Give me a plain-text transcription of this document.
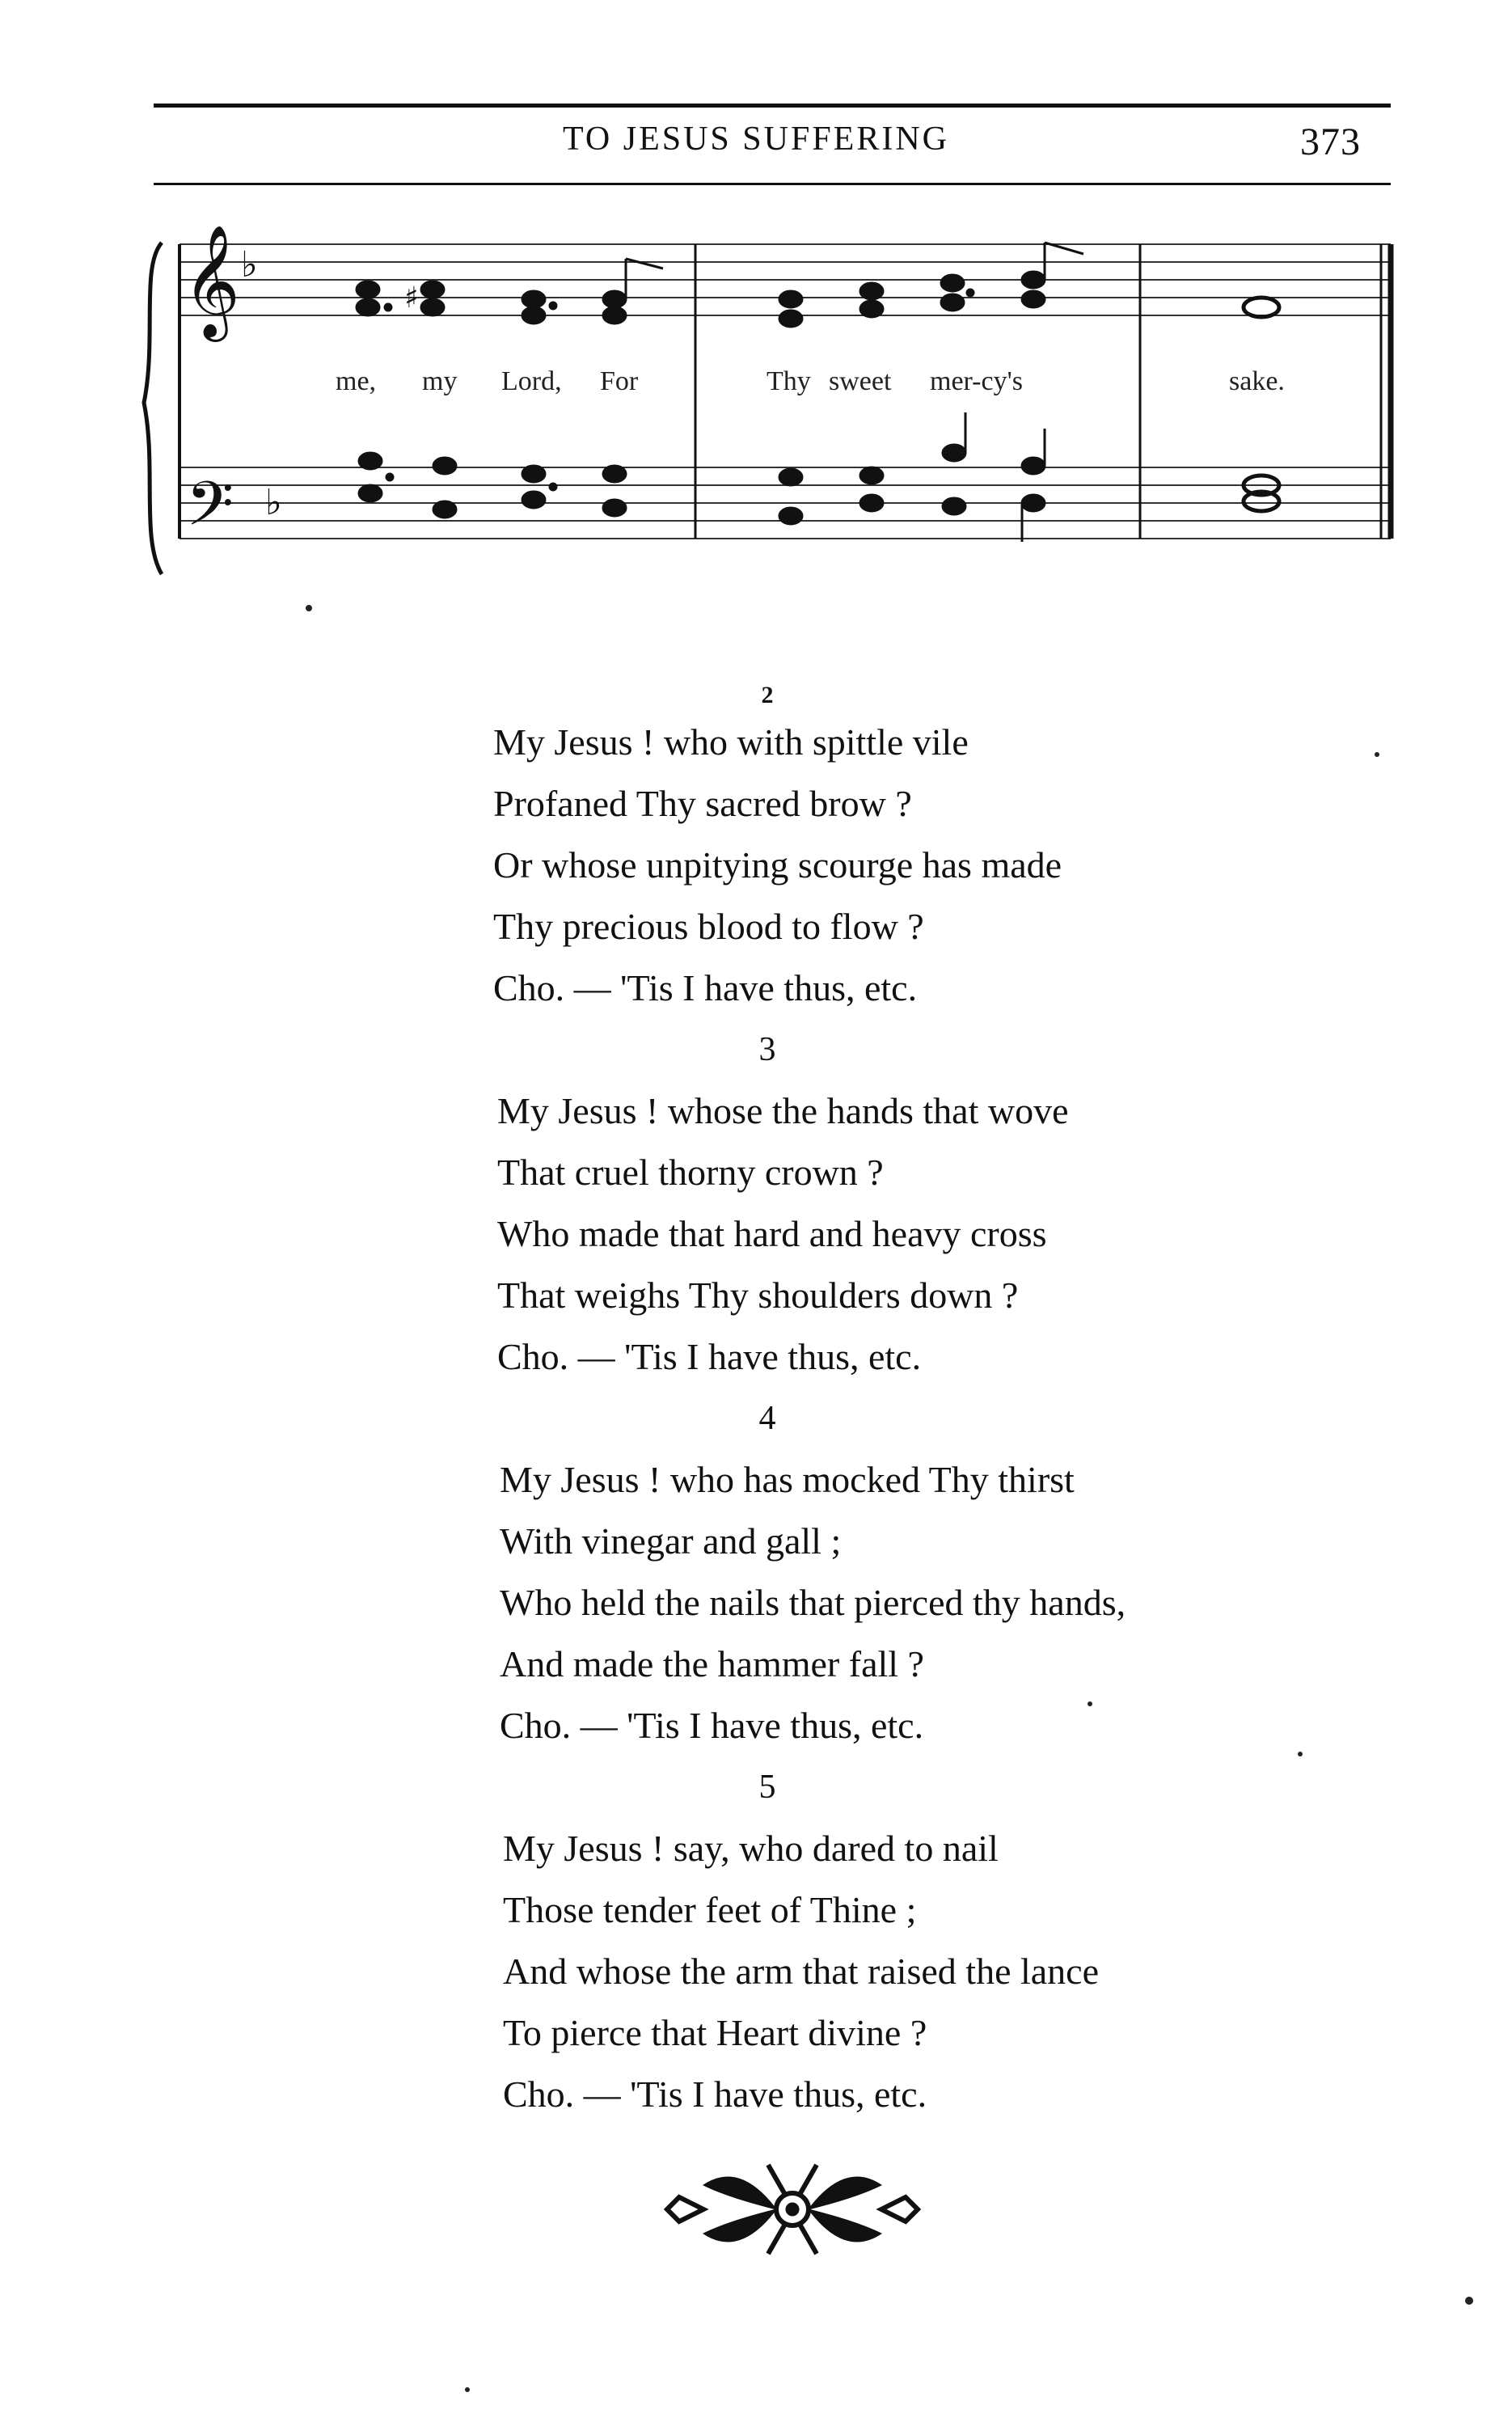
TO JESUS SUFFERING	373
𝄞
𝄢
♭
♭
♯
me, my Lord, For	Thy sweet mer-cy's	sake.
2
My Jesus ! who with spittle vile
Profaned Thy sacred brow ?
Or whose unpitying scourge has made
Thy precious blood to flow ?
Cho. — 'Tis I have thus, etc.
3
My Jesus ! whose the hands that wove
That cruel thorny crown ?
Who made that hard and heavy cross
That weighs Thy shoulders down ?
Cho. — 'Tis I have thus, etc.
4
My Jesus ! who has mocked Thy thirst
With vinegar and gall ;
Who held the nails that pierced thy hands,
And made the hammer fall ?
Cho. — 'Tis I have thus, etc.
5
My Jesus ! say, who dared to nail
Those tender feet of Thine ;
And whose the arm that raised the lance
To pierce that Heart divine ?
Cho. — 'Tis I have thus, etc.
